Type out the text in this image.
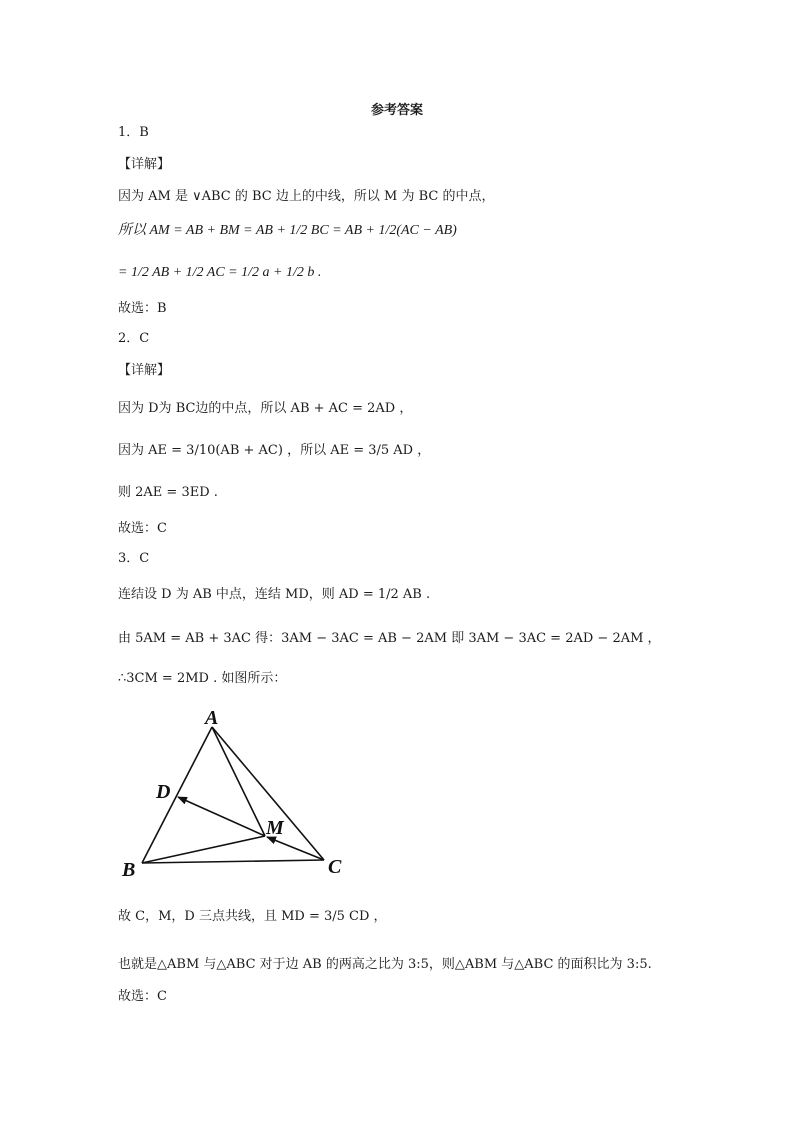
参考答案
1．B
【详解】
因为 AM 是 ∨ABC 的 BC 边上的中线，所以 M 为 BC 的中点，
所以 AM = AB + BM = AB + 1/2 BC = AB + 1/2(AC − AB)
= 1/2 AB + 1/2 AC = 1/2 a + 1/2 b .
故选：B
2．C
【详解】
因为 D为 BC边的中点，所以 AB + AC = 2AD ，
因为 AE = 3/10(AB + AC) ，所以 AE = 3/5 AD ，
则 2AE = 3ED .
故选：C
3．C
连结设 D 为 AB 中点，连结 MD，则 AD = 1/2 AB .
由 5AM = AB + 3AC 得：3AM − 3AC = AB − 2AM 即 3AM − 3AC = 2AD − 2AM ，
∴3CM = 2MD . 如图所示：
A
B	C
D
M
故 C，M，D 三点共线，且 MD = 3/5 CD ，
也就是△ABM 与△ABC 对于边 AB 的两高之比为 3:5，则△ABM 与△ABC 的面积比为 3:5.
故选：C
